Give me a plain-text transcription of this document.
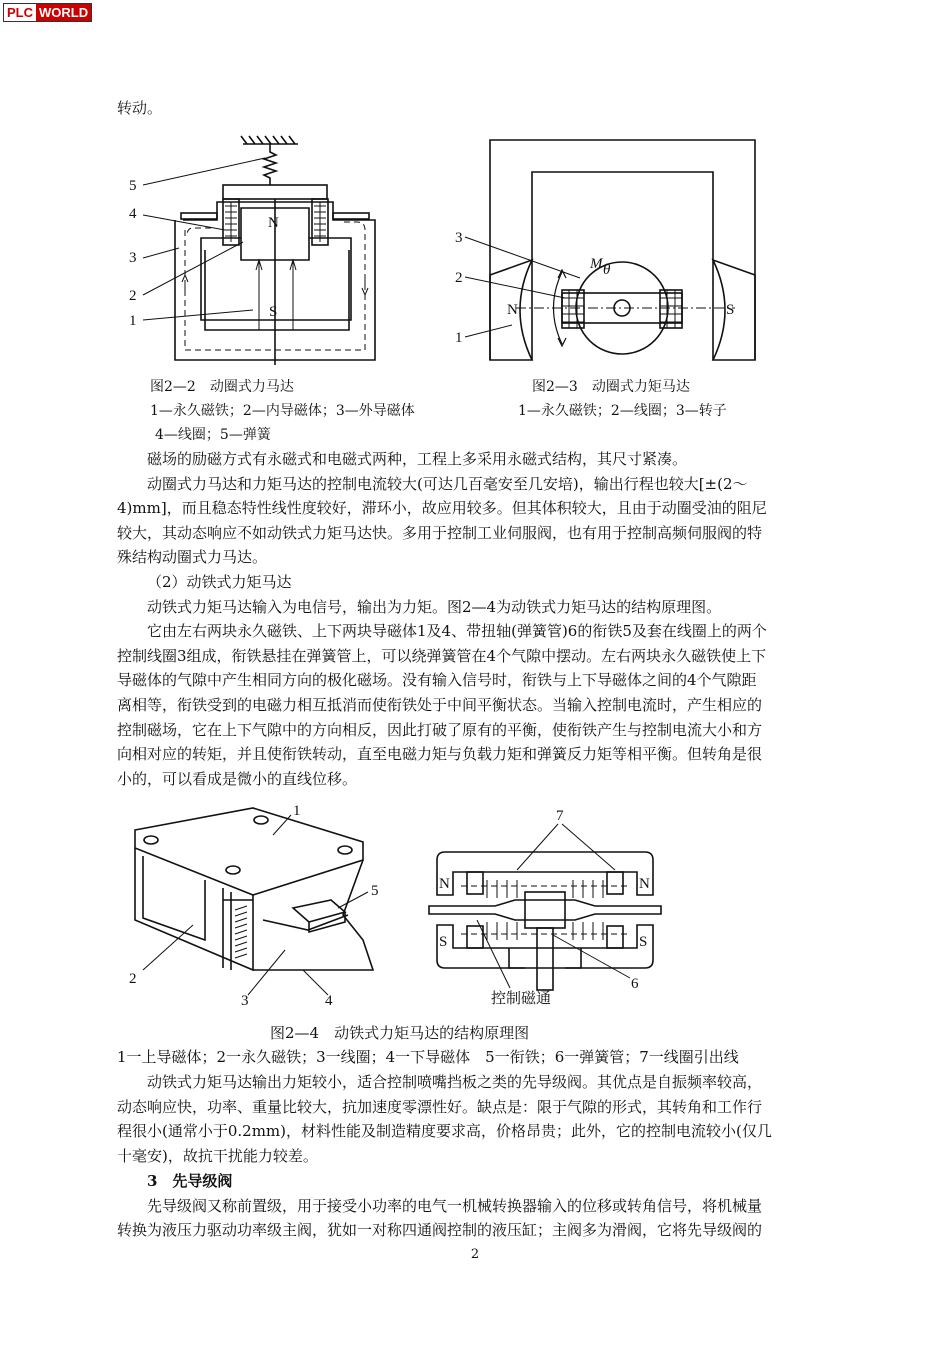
PLC WORLD
转动。
5
4
3
2
1
N
S
3
2
1
N	S
M θ
图2—2　动圈式力马达
1—永久磁铁；2—内导磁体；3—外导磁体
4—线圈；5—弹簧
图2—3　动圈式力矩马达
1—永久磁铁；2—线圈；3—转子
磁场的励磁方式有永磁式和电磁式两种，工程上多采用永磁式结构，其尺寸紧凑。
动圈式力马达和力矩马达的控制电流较大(可达几百毫安至几安培)，输出行程也较大[±(2～
4)mm]，而且稳态特性线性度较好，滞环小，故应用较多。但其体积较大，且由于动圈受油的阻尼
较大，其动态响应不如动铁式力矩马达快。多用于控制工业伺服阀，也有用于控制高频伺服阀的特
殊结构动圈式力马达。
（2）动铁式力矩马达
动铁式力矩马达输入为电信号，输出为力矩。图2—4为动铁式力矩马达的结构原理图。
它由左右两块永久磁铁、上下两块导磁体1及4、带扭轴(弹簧管)6的衔铁5及套在线圈上的两个
控制线圈3组成，衔铁悬挂在弹簧管上，可以绕弹簧管在4个气隙中摆动。左右两块永久磁铁使上下
导磁体的气隙中产生相同方向的极化磁场。没有输入信号时，衔铁与上下导磁体之间的4个气隙距
离相等，衔铁受到的电磁力相互抵消而使衔铁处于中间平衡状态。当输入控制电流时，产生相应的
控制磁场，它在上下气隙中的方向相反，因此打破了原有的平衡，使衔铁产生与控制电流大小和方
向相对应的转矩，并且使衔铁转动，直至电磁力矩与负载力矩和弹簧反力矩等相平衡。但转角是很
小的，可以看成是微小的直线位移。
1
2
3	4
5
7
6
N	N
S	S
控制磁通
图2—4　动铁式力矩马达的结构原理图
1一上导磁体；2一永久磁铁；3一线圈；4一下导磁体　5一衔铁；6一弹簧管；7一线圈引出线
动铁式力矩马达输出力矩较小，适合控制喷嘴挡板之类的先导级阀。其优点是自振频率较高，
动态响应快，功率、重量比较大，抗加速度零漂性好。缺点是：限于气隙的形式，其转角和工作行
程很小(通常小于0.2mm)，材料性能及制造精度要求高，价格昂贵；此外，它的控制电流较小(仅几
十毫安)，故抗干扰能力较差。
3　先导级阀
先导级阀又称前置级，用于接受小功率的电气一机械转换器输入的位移或转角信号，将机械量
转换为液压力驱动功率级主阀，犹如一对称四通阀控制的液压缸；主阀多为滑阀，它将先导级阀的
2
